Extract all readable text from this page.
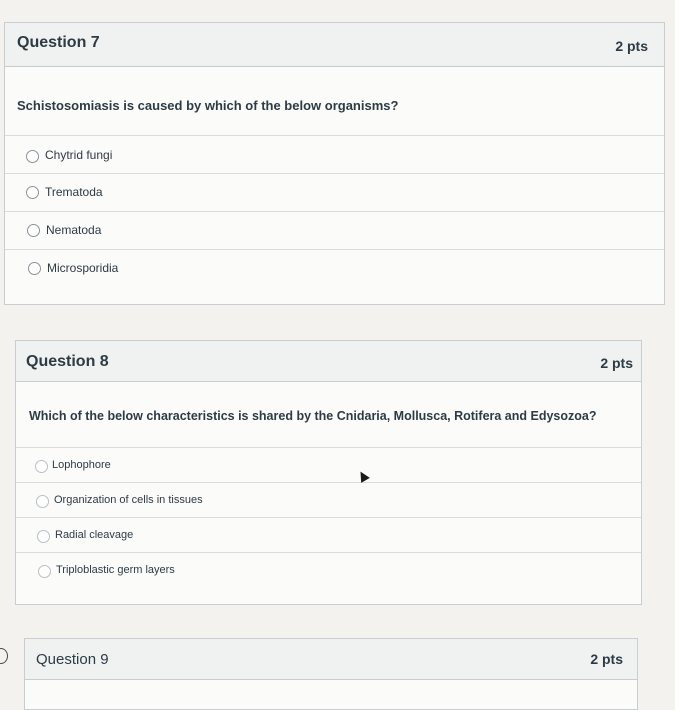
Question 7	2 pts
Schistosomiasis is caused by which of the below organisms?
Chytrid fungi
Trematoda
Nematoda
Microsporidia
Question 8	2 pts
Which of the below characteristics is shared by the Cnidaria, Mollusca, Rotifera and Edysozoa?
Lophophore
Organization of cells in tissues
Radial cleavage
Triploblastic germ layers
Question 9	2 pts
